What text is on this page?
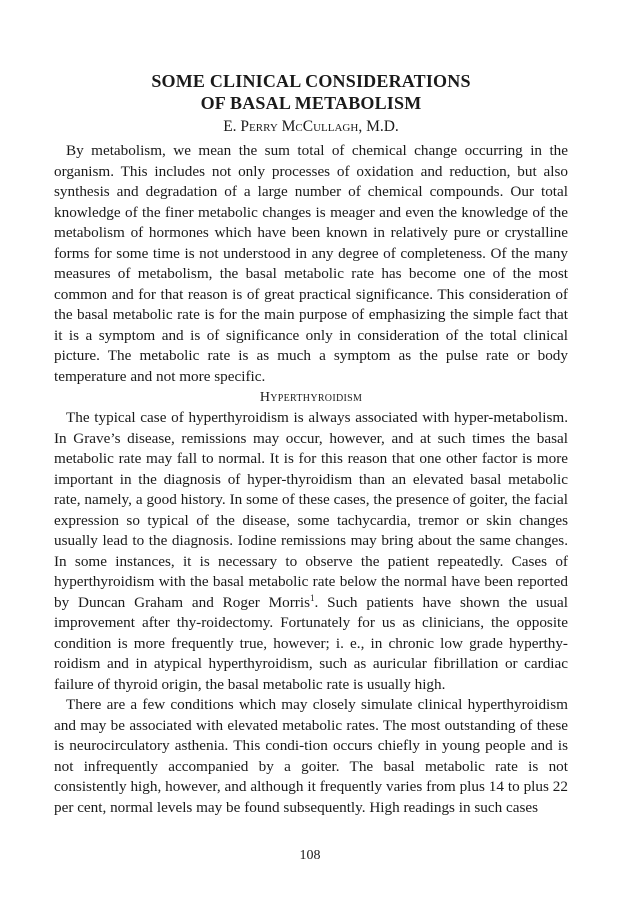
SOME CLINICAL CONSIDERATIONS

OF BASAL METABOLISM

E. Perry McCullagh, M.D.

By metabolism, we mean the sum total of chemical change occurring in the organism. This includes not only processes of oxidation and reduction, but also synthesis and degradation of a large number of chemical compounds. Our total knowledge of the finer metabolic changes is meager and even the knowledge of the metabolism of hormones which have been known in relatively pure or crystalline forms for some time is not understood in any degree of completeness. Of the many measures of metabolism, the basal metabolic rate has become one of the most common and for that reason is of great practical significance. This consideration of the basal metabolic rate is for the main purpose of emphasizing the simple fact that it is a symptom and is of significance only in consideration of the total clinical picture. The metabolic rate is as much a symptom as the pulse rate or body temperature and not more specific.

Hyperthyroidism

The typical case of hyperthyroidism is always associated with hyper-metabolism. In Grave’s disease, remissions may occur, however, and at such times the basal metabolic rate may fall to normal. It is for this reason that one other factor is more important in the diagnosis of hyper-thyroidism than an elevated basal metabolic rate, namely, a good history. In some of these cases, the presence of goiter, the facial expression so typical of the disease, some tachycardia, tremor or skin changes usually lead to the diagnosis. Iodine remissions may bring about the same changes. In some instances, it is necessary to observe the patient repeatedly. Cases of hyperthyroidism with the basal metabolic rate below the normal have been reported by Duncan Graham and Roger Morris$^1$. Such patients have shown the usual improvement after thy-roidectomy. Fortunately for us as clinicians, the opposite condition is more frequently true, however; i. e., in chronic low grade hyperthy-roidism and in atypical hyperthyroidism, such as auricular fibrillation or cardiac failure of thyroid origin, the basal metabolic rate is usually high.

There are a few conditions which may closely simulate clinical hyperthyroidism and may be associated with elevated metabolic rates. The most outstanding of these is neurocirculatory asthenia. This condi-tion occurs chiefly in young people and is not infrequently accompanied by a goiter. The basal metabolic rate is not consistently high, however, and although it frequently varies from plus 14 to plus 22 per cent, normal levels may be found subsequently. High readings in such cases

108
